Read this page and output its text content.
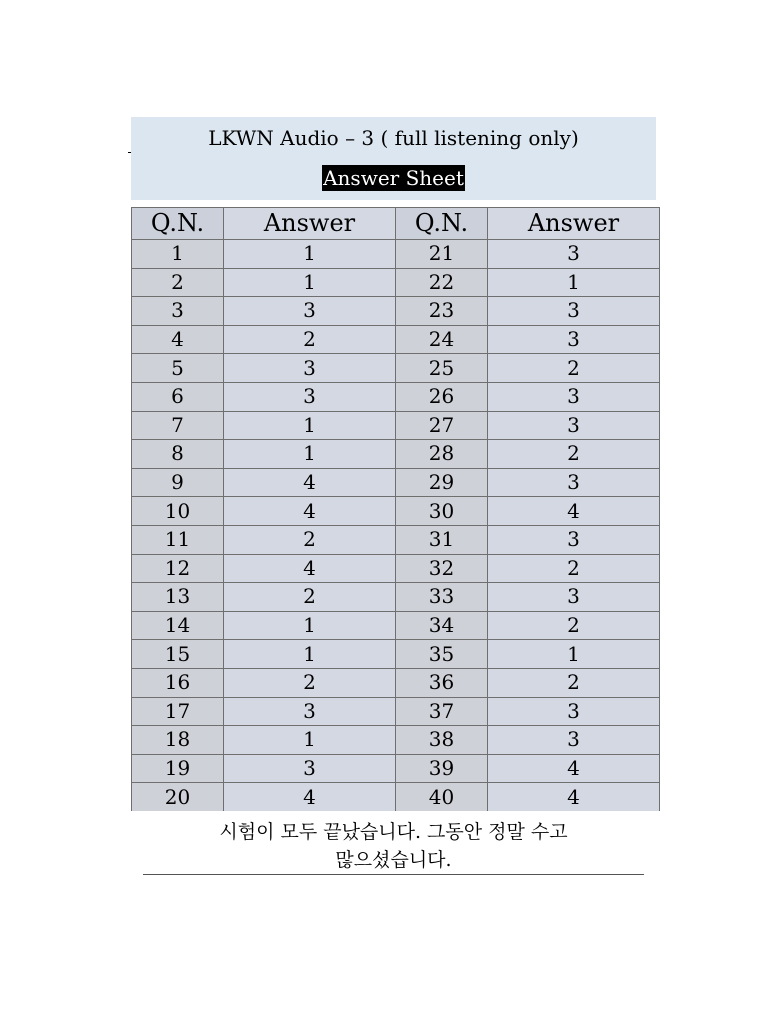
LKWN Audio – 3 ( full listening only)
Answer Sheet
Q.N.	Answer	Q.N.	Answer
1	1	21	3
2	1	22	1
3	3	23	3
4	2	24	3
5	3	25	2
6	3	26	3
7	1	27	3
8	1	28	2
9	4	29	3
10	4	30	4
11	2	31	3
12	4	32	2
13	2	33	3
14	1	34	2
15	1	35	1
16	2	36	2
17	3	37	3
18	1	38	3
19	3	39	4
20	4	40	4
시험이 모두 끝났습니다. 그동안 정말 수고
많으셨습니다.
